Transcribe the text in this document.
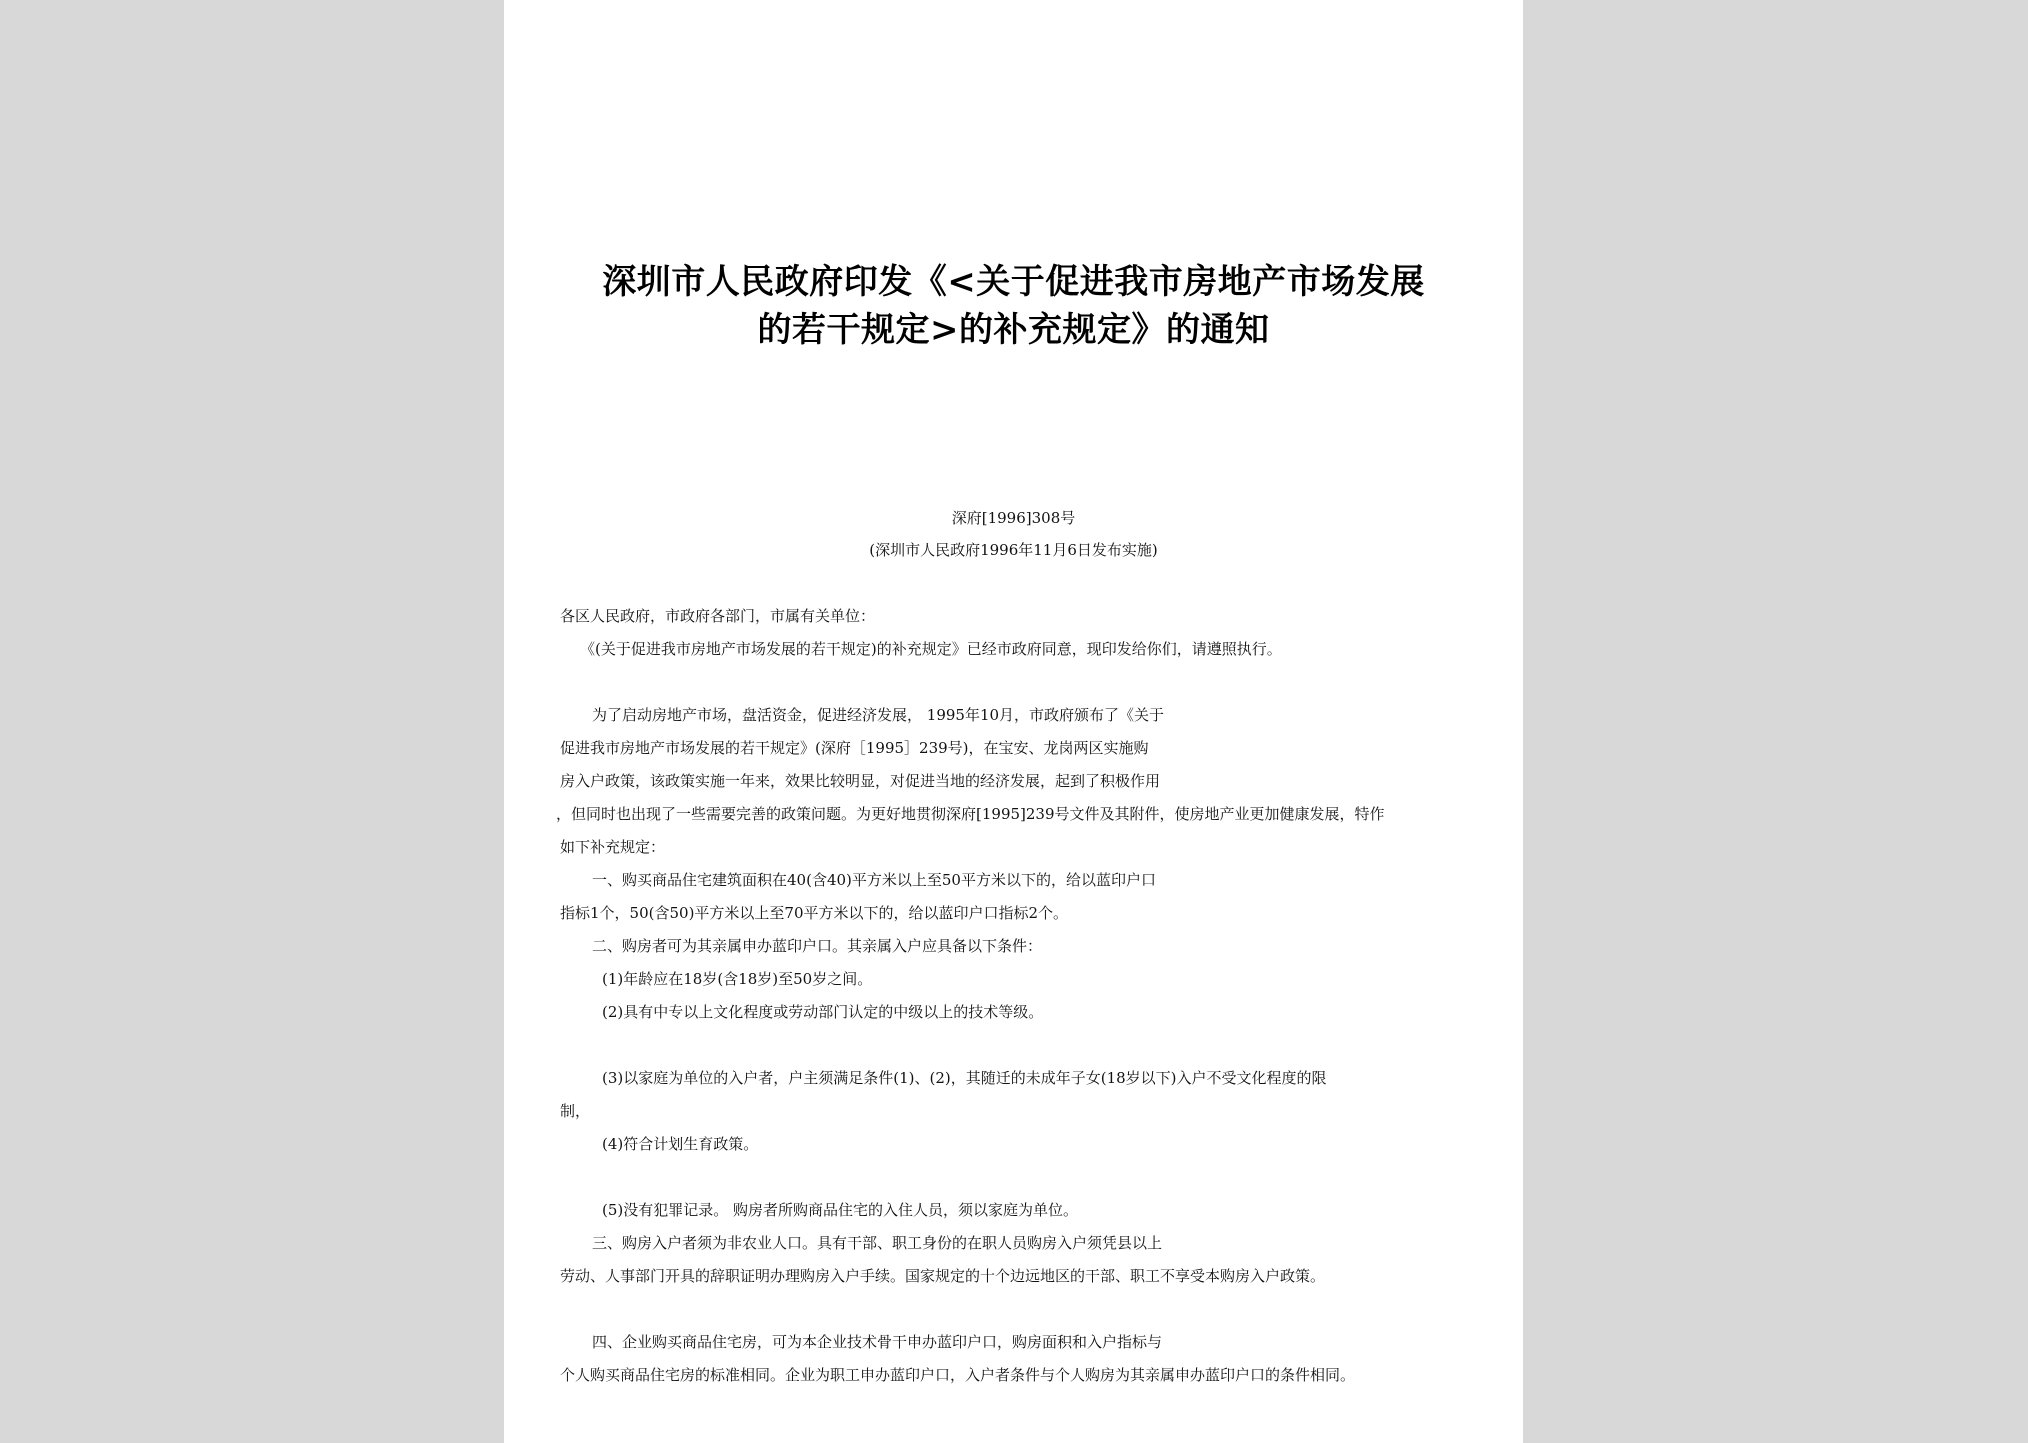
深圳市人民政府印发《<关于促进我市房地产市场发展
的若干规定>的补充规定》的通知
深府[1996]308号
(深圳市人民政府1996年11月6日发布实施)
各区人民政府，市政府各部门，市属有关单位：
《(关于促进我市房地产市场发展的若干规定)的补充规定》已经市政府同意，现印发给你们，请遵照执行。
为了启动房地产市场，盘活资金，促进经济发展， 1995年10月，市政府颁布了《关于
促进我市房地产市场发展的若干规定》(深府［1995］239号)，在宝安、龙岗两区实施购
房入户政策，该政策实施一年来，效果比较明显，对促进当地的经济发展，起到了积极作用
，但同时也出现了一些需要完善的政策问题。为更好地贯彻深府[1995]239号文件及其附件，使房地产业更加健康发展，特作
如下补充规定：
一、购买商品住宅建筑面积在40(含40)平方米以上至50平方米以下的，给以蓝印户口
指标1个，50(含50)平方米以上至70平方米以下的，给以蓝印户口指标2个。
二、购房者可为其亲属申办蓝印户口。其亲属入户应具备以下条件：
(1)年龄应在18岁(含18岁)至50岁之间。
(2)具有中专以上文化程度或劳动部门认定的中级以上的技术等级。
(3)以家庭为单位的入户者，户主须满足条件(1)、(2)，其随迁的未成年子女(18岁以下)入户不受文化程度的限
制，
(4)符合计划生育政策。
(5)没有犯罪记录。 购房者所购商品住宅的入住人员，须以家庭为单位。
三、购房入户者须为非农业人口。具有干部、职工身份的在职人员购房入户须凭县以上
劳动、人事部门开具的辞职证明办理购房入户手续。国家规定的十个边远地区的干部、职工不享受本购房入户政策。
四、企业购买商品住宅房，可为本企业技术骨干申办蓝印户口，购房面积和入户指标与
个人购买商品住宅房的标准相同。企业为职工申办蓝印户口，入户者条件与个人购房为其亲属申办蓝印户口的条件相同。
